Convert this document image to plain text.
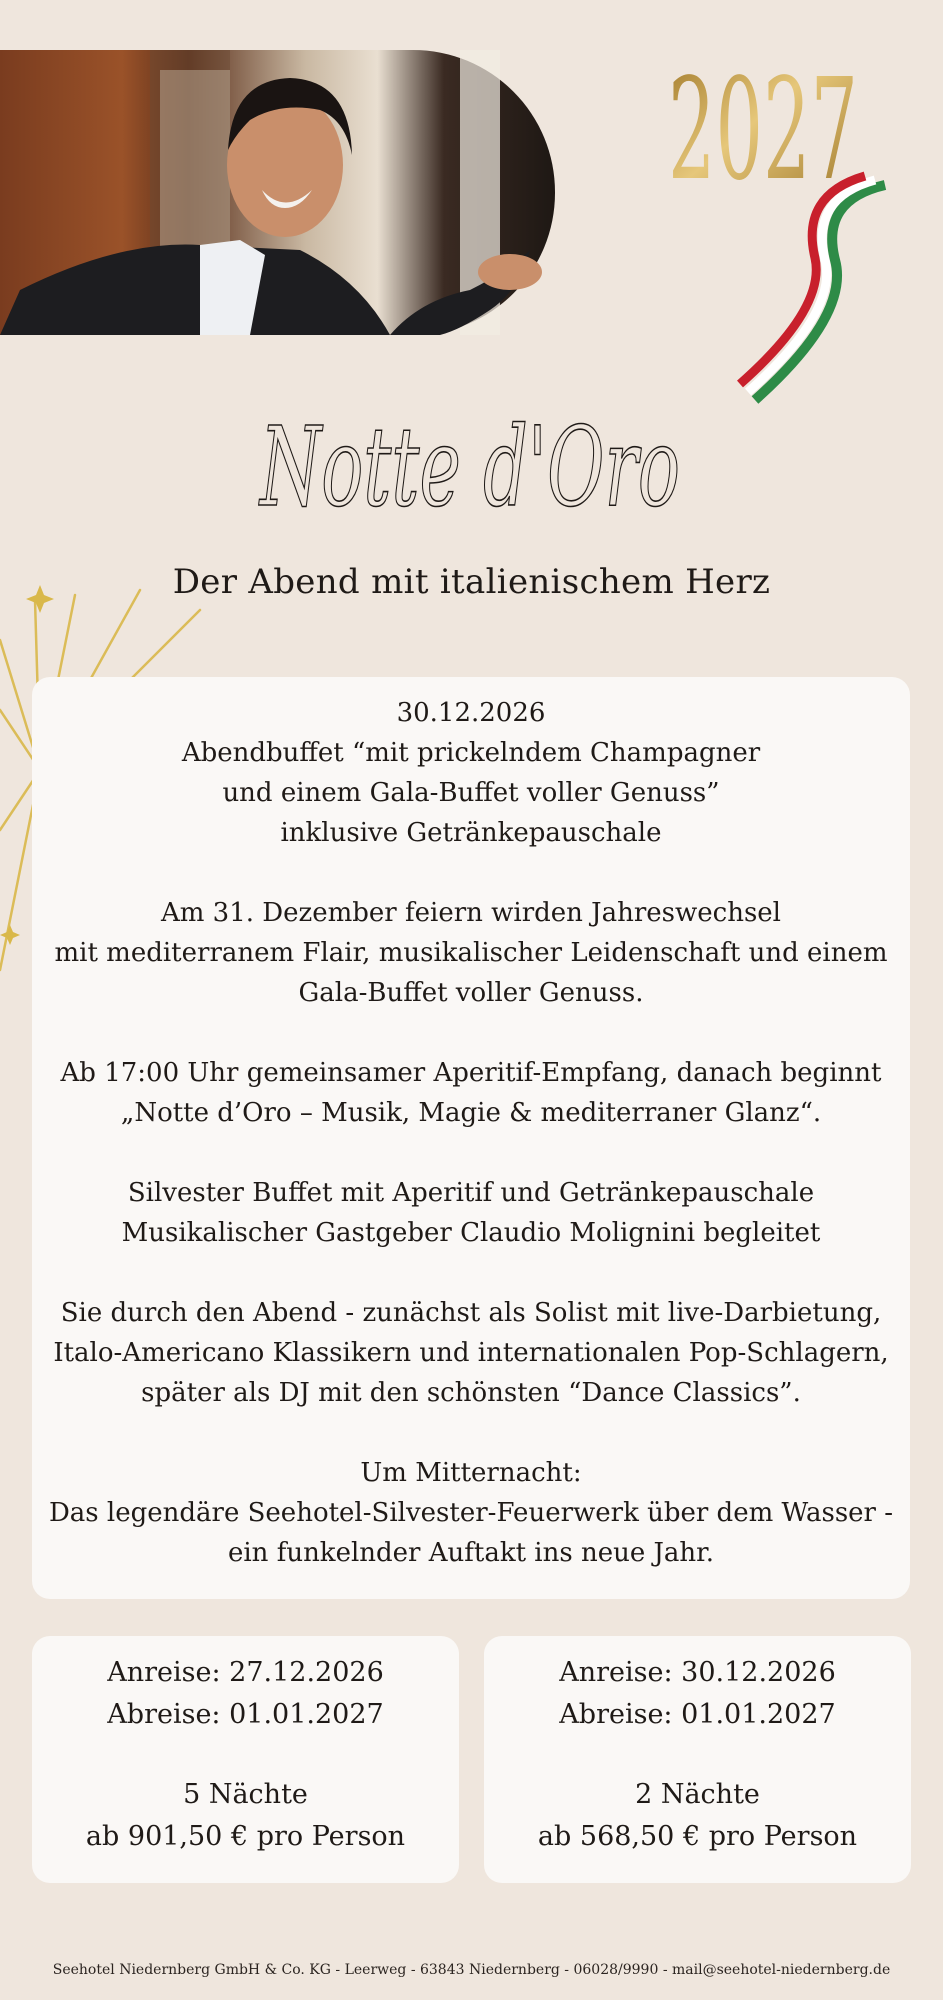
2027
Notte d'Oro
Der Abend mit italienischem Herz

30.12.2026

Abendbuffet “mit prickelndem Champagner

und einem Gala-Buffet voller Genuss”

inklusive Getränkepauschale

Am 31. Dezember feiern wirden Jahreswechsel

mit mediterranem Flair, musikalischer Leidenschaft und einem

Gala-Buffet voller Genuss.

Ab 17:00 Uhr gemeinsamer Aperitif-Empfang, danach beginnt

„Notte d’Oro – Musik, Magie & mediterraner Glanz“.

Silvester Buffet mit Aperitif und Getränkepauschale

Musikalischer Gastgeber Claudio Molignini begleitet

Sie durch den Abend - zunächst als Solist mit live-Darbietung,

Italo-Americano Klassikern und internationalen Pop-Schlagern,

später als DJ mit den schönsten “Dance Classics”.

Um Mitternacht:

Das legendäre Seehotel-Silvester-Feuerwerk über dem Wasser -

ein funkelnder Auftakt ins neue Jahr.

Anreise: 27.12.2026

Abreise: 01.01.2027

5 Nächte

ab 901,50 € pro Person

Anreise: 30.12.2026

Abreise: 01.01.2027

2 Nächte

ab 568,50 € pro Person

Seehotel Niedernberg GmbH & Co. KG - Leerweg - 63843 Niedernberg - 06028/9990 - mail@seehotel-niedernberg.de
